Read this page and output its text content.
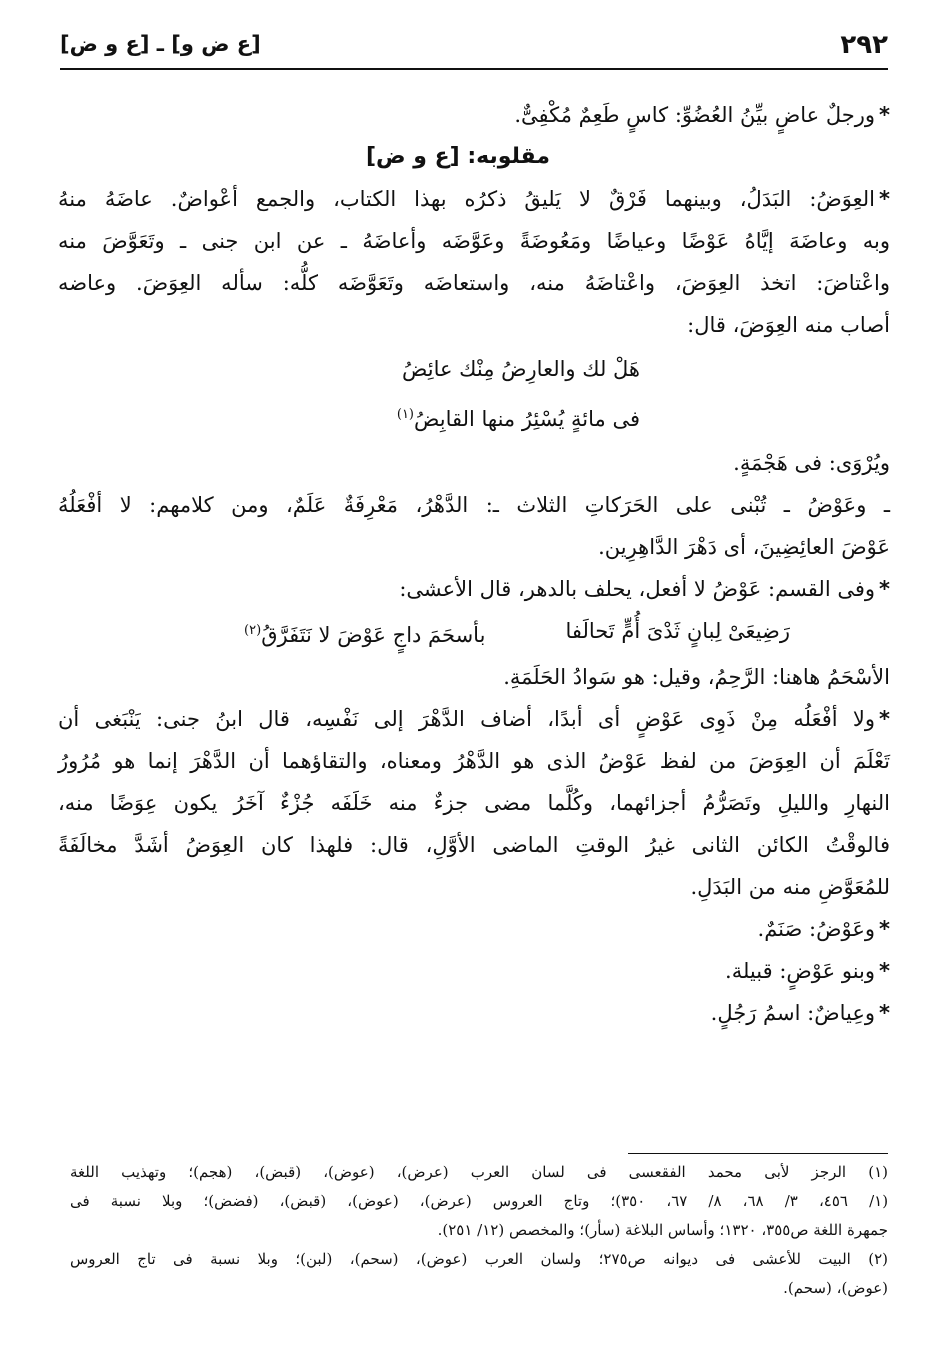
٢٩٢
[ع ض و] ـ [ع و ض]
*ورجلٌ عاضٍ بيِّنُ العُضُوِّ: كاسٍ طَعِمٌ مُكْفِىٌّ.
مقلوبه: [ع و ض]
*العِوَضُ: البَدَلُ، وبينهما فَرْقٌ لا يَليقُ ذكرُه بهذا الكتاب، والجمع أعْواضٌ. عاضَهُ منهُ
وبه وعاضَهَ إيَّاهُ عَوْضًا وعياضًا ومَعُوضَةً وعَوَّضَه وأعاضَهُ ـ عن ابن جنى ـ وتَعَوَّضَ منه
واعْتاضَ: اتخذ العِوَضَ، واعْتاضَهُ منه، واستعاضَه وتَعَوَّضَه كلُّه: سأله العِوَضَ. وعاضه
أصاب منه العِوَضَ، قال:
هَلْ لك والعارِضُ مِنْك عائِضُ
فى مائةٍ يُسْئِرُ منها القابِضُ$^{(١)}$
ويُرْوَى: فى هَجْمَةٍ.
ـ وعَوْضُ ـ تُبْنى على الحَرَكاتِ الثلاث ـ: الدَّهْرُ، مَعْرِفَةٌ عَلَمٌ، ومن كلامهم: لا أفْعَلُهُ
عَوْضَ العائِضِينَ، أى دَهْرَ الدَّاهِرِين.
*وفى القسم: عَوْضُ لا أفعل، يحلف بالدهر، قال الأعشى:
رَضِيعَىْ لِبانٍ ثَدْىَ أُمٍّ تَحالَفا
بأسحَمَ داجٍ عَوْضَ لا نَتَفَرَّقُ$^{(٢)}$
الأسْحَمُ هاهنا: الرَّحِمُ، وقيل: هو سَوادُ الحَلَمَةِ.
*ولا أفْعَلُه مِنْ ذَوِى عَوْضٍ أى أبدًا، أضاف الدَّهْرَ إلى نَفْسِه، قال ابنُ جنى: يَنْبَغى أن
تَعْلَمَ أن العِوَضَ من لفظ عَوْضُ الذى هو الدَّهْرُ ومعناه، والتقاؤهما أن الدَّهْرَ إنما هو مُرُورُ
النهارِ والليلِ وتَصَرُّمُ أجزائهما، وكُلَّما مضى جزءٌ منه خَلَفَه جُزْءٌ آخَرُ يكون عِوَضًا منه،
فالوقْتُ الكائن الثانى غيرُ الوقتِ الماضى الأوَّلِ، قال: فلهذا كان العِوَضُ أشَدَّ مخالَفَةً
للمُعَوَّضِ منه من البَدَلِ.
*وعَوْضُ: صَنَمٌ.
*وبنو عَوْضٍ: قبيلة.
*وعِياضٌ: اسمُ رَجُلٍ.
(١) الرجز لأبى محمد الفقعسى فى لسان العرب (عرض)، (عوض)، (قبض)، (هجم)؛ وتهذيب اللغة
(١/ ٤٥٦، ٣/ ٦٨، ٨/ ٦٧، ٣٥٠)؛ وتاج العروس (عرض)، (عوض)، (قبض)، (فضض)؛ وبلا نسبة فى
جمهرة اللغة ص٣٥٥، ١٣٢٠؛ وأساس البلاغة (سأر)؛ والمخصص (١٢/ ٢٥١).
(٢) البيت للأعشى فى ديوانه ص٢٧٥؛ ولسان العرب (عوض)، (سحم)، (لبن)؛ وبلا نسبة فى تاج العروس
(عوض)، (سحم).
